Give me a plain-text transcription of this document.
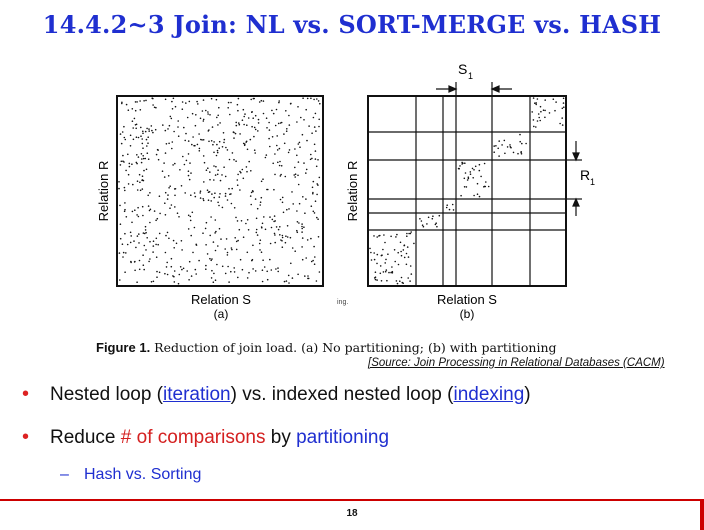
14.4.2~3 Join: NL vs. SORT-MERGE vs. HASH
Relation R
Relation S
(a)
S 1
R 1
Relation R
Relation S
(b)
ing.
Figure 1. Reduction of join load. (a) No partitioning; (b) with partitioning
[Source: Join Processing in Relational Databases (CACM)
• Nested loop (iteration) vs. indexed nested loop (indexing)
• Reduce # of comparisons by partitioning
– Hash vs. Sorting
18
